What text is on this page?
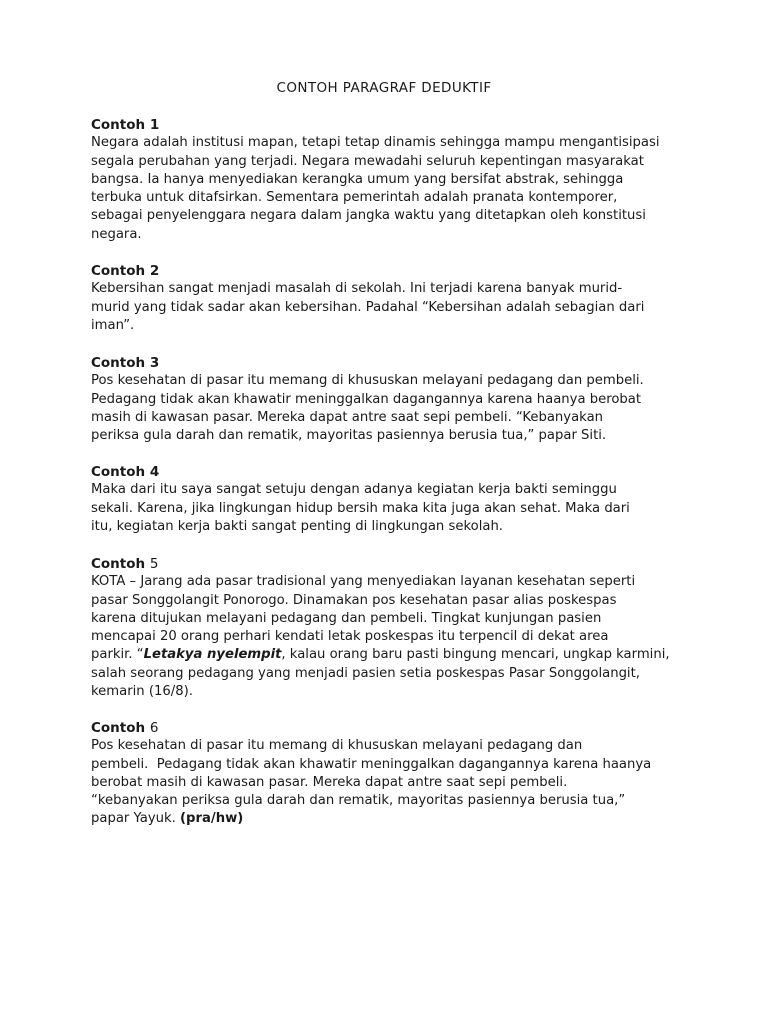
CONTOH PARAGRAF DEDUKTIF
Contoh 1
Negara adalah institusi mapan, tetapi tetap dinamis sehingga mampu mengantisipasi
segala perubahan yang terjadi. Negara mewadahi seluruh kepentingan masyarakat
bangsa. Ia hanya menyediakan kerangka umum yang bersifat abstrak, sehingga
terbuka untuk ditafsirkan. Sementara pemerintah adalah pranata kontemporer,
sebagai penyelenggara negara dalam jangka waktu yang ditetapkan oleh konstitusi
negara.
Contoh 2
Kebersihan sangat menjadi masalah di sekolah. Ini terjadi karena banyak murid-
murid yang tidak sadar akan kebersihan. Padahal “Kebersihan adalah sebagian dari
iman”.
Contoh 3
Pos kesehatan di pasar itu memang di khususkan melayani pedagang dan pembeli.
Pedagang tidak akan khawatir meninggalkan dagangannya karena haanya berobat
masih di kawasan pasar. Mereka dapat antre saat sepi pembeli. “Kebanyakan
periksa gula darah dan rematik, mayoritas pasiennya berusia tua,” papar Siti.
Contoh 4
Maka dari itu saya sangat setuju dengan adanya kegiatan kerja bakti seminggu
sekali. Karena, jika lingkungan hidup bersih maka kita juga akan sehat. Maka dari
itu, kegiatan kerja bakti sangat penting di lingkungan sekolah.
Contoh 5
KOTA – Jarang ada pasar tradisional yang menyediakan layanan kesehatan seperti
pasar Songgolangit Ponorogo. Dinamakan pos kesehatan pasar alias poskespas
karena ditujukan melayani pedagang dan pembeli. Tingkat kunjungan pasien
mencapai 20 orang perhari kendati letak poskespas itu terpencil di dekat area
parkir. “Letakya nyelempit, kalau orang baru pasti bingung mencari, ungkap karmini,
salah seorang pedagang yang menjadi pasien setia poskespas Pasar Songgolangit,
kemarin (16/8).
Contoh 6
Pos kesehatan di pasar itu memang di khususkan melayani pedagang dan
pembeli.  Pedagang tidak akan khawatir meninggalkan dagangannya karena haanya
berobat masih di kawasan pasar. Mereka dapat antre saat sepi pembeli.
“kebanyakan periksa gula darah dan rematik, mayoritas pasiennya berusia tua,”
papar Yayuk. (pra/hw)
